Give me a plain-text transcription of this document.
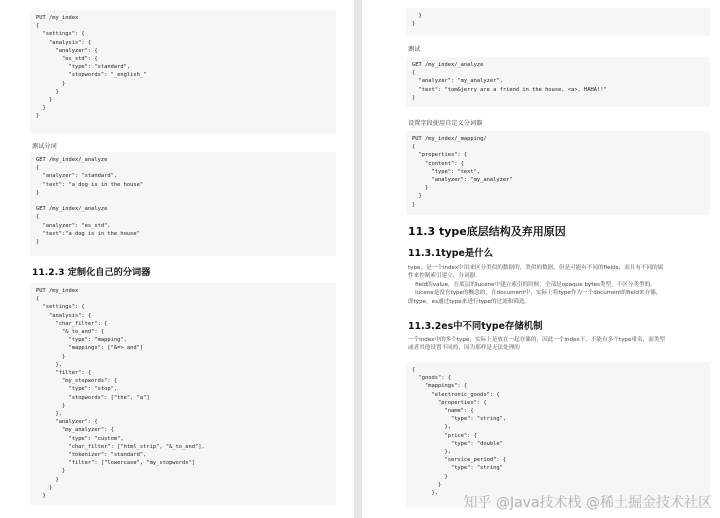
PUT /my_index
{
"settings": {
"analysis": {
"analyzer": {
"es_std": {
"type": "standard",
"stopwords": "_english_"
}
}
}
}
}

测试分词

GET /my_index/_analyze
{
"analyzer": "standard",
"text": "a dog is in the house"
}

GET /my_index/_analyze
{
"analyzer": "es_std",
"text":"a dog is in the house"
}
11.2.3 定制化自己的分词器
PUT /my_index
{
"settings": {
"analysis": {
"char_filter": {
"&_to_and": {
"type": "mapping",
"mappings": ["&=> and"]
}
},
"filter": {
"my_stopwords": {
"type": "stop",
"stopwords": ["the", "a"]
}
},
"analyzer": {
"my_analyzer": {
"type": "custom",
"char_filter": ["html_strip", "&_to_and"],
"tokenizer": "standard",
"filter": ["lowercase", "my_stopwords"]
}
}
}
}
}
}

测试

GET /my_index/_analyze
{
"analyzer": "my_analyzer",
"text": "tom&jerry are a friend in the house, <a>, HAHA!!"
}

设置字段使用自定义分词器

PUT /my_index/_mapping/
{
"properties": {
"content": {
"type": "text",
"analyzer": "my_analyzer"
}
}
}
11.3 type底层结构及弃用原因
11.3.1type是什么

type，是一个index中用来区分类似的数据的，类似的数据，但是可能有不同的fields，而且有不同的属
性来控制索引建立、分词器.
field的value，在底层的lucene中建立索引的时候，全部是opaque bytes类型，不区分类型的。
lucene是没有type的概念的，在document中，实际上将type作为一个document的field来存储，
即type，es通过type来进行type的过滤和筛选。

11.3.2es中不同type存储机制

一个index中的多个type，实际上是放在一起存储的，因此一个index下，不能有多个type重名，而类型
或者其他设置不同的，因为那样是无法处理的

{
"goods": {
"mappings": {
"electronic_goods": {
"properties": {
"name": {
"type": "string",
},
"price": {
"type": "double"
},
"service_period": {
"type": "string"
}
}
},
知乎 @Java技术栈 @稀土掘金技术社区
